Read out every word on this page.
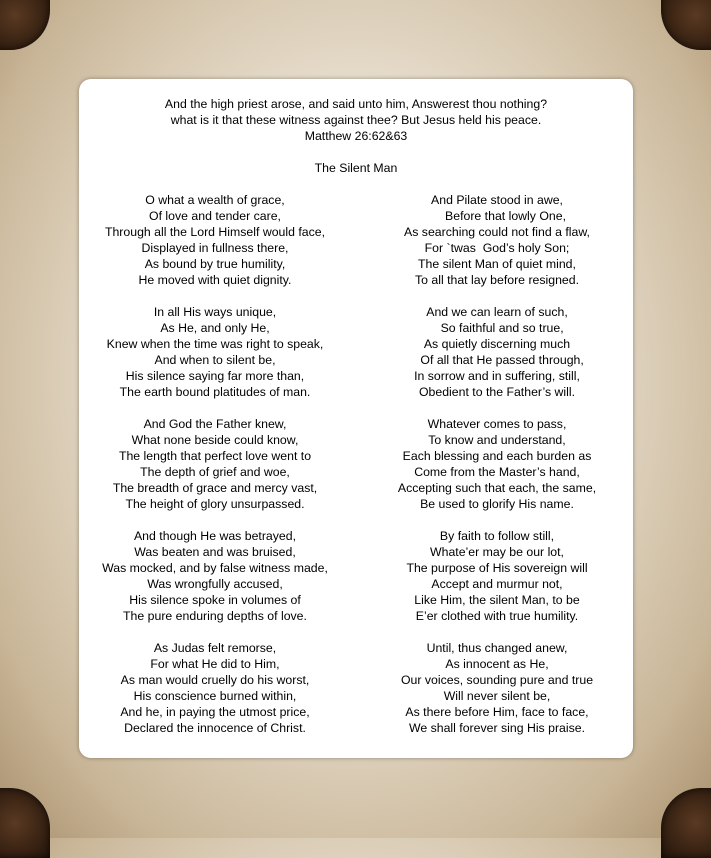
And the high priest arose, and said unto him, Answerest thou nothing?
what is it that these witness against thee? But Jesus held his peace.
Matthew 26:62&63
The Silent Man
O what a wealth of grace,
Of love and tender care,
Through all the Lord Himself would face,
Displayed in fullness there,
As bound by true humility,
He moved with quiet dignity.
In all His ways unique,
As He, and only He,
Knew when the time was right to speak,
And when to silent be,
His silence saying far more than,
The earth bound platitudes of man.
And God the Father knew,
What none beside could know,
The length that perfect love went to
The depth of grief and woe,
The breadth of grace and mercy vast,
The height of glory unsurpassed.
And though He was betrayed,
Was beaten and was bruised,
Was mocked, and by false witness made,
Was wrongfully accused,
His silence spoke in volumes of
The pure enduring depths of love.
As Judas felt remorse,
For what He did to Him,
As man would cruelly do his worst,
His conscience burned within,
And he, in paying the utmost price,
Declared the innocence of Christ.
And Pilate stood in awe,
Before that lowly One,
As searching could not find a flaw,
For `twas  God’s holy Son;
The silent Man of quiet mind,
To all that lay before resigned.
And we can learn of such,
So faithful and so true,
As quietly discerning much
Of all that He passed through,
In sorrow and in suffering, still,
Obedient to the Father’s will.
Whatever comes to pass,
To know and understand,
Each blessing and each burden as
Come from the Master’s hand,
Accepting such that each, the same,
Be used to glorify His name.
By faith to follow still,
Whate’er may be our lot,
The purpose of His sovereign will
Accept and murmur not,
Like Him, the silent Man, to be
E’er clothed with true humility.
Until, thus changed anew,
As innocent as He,
Our voices, sounding pure and true
Will never silent be,
As there before Him, face to face,
We shall forever sing His praise.
